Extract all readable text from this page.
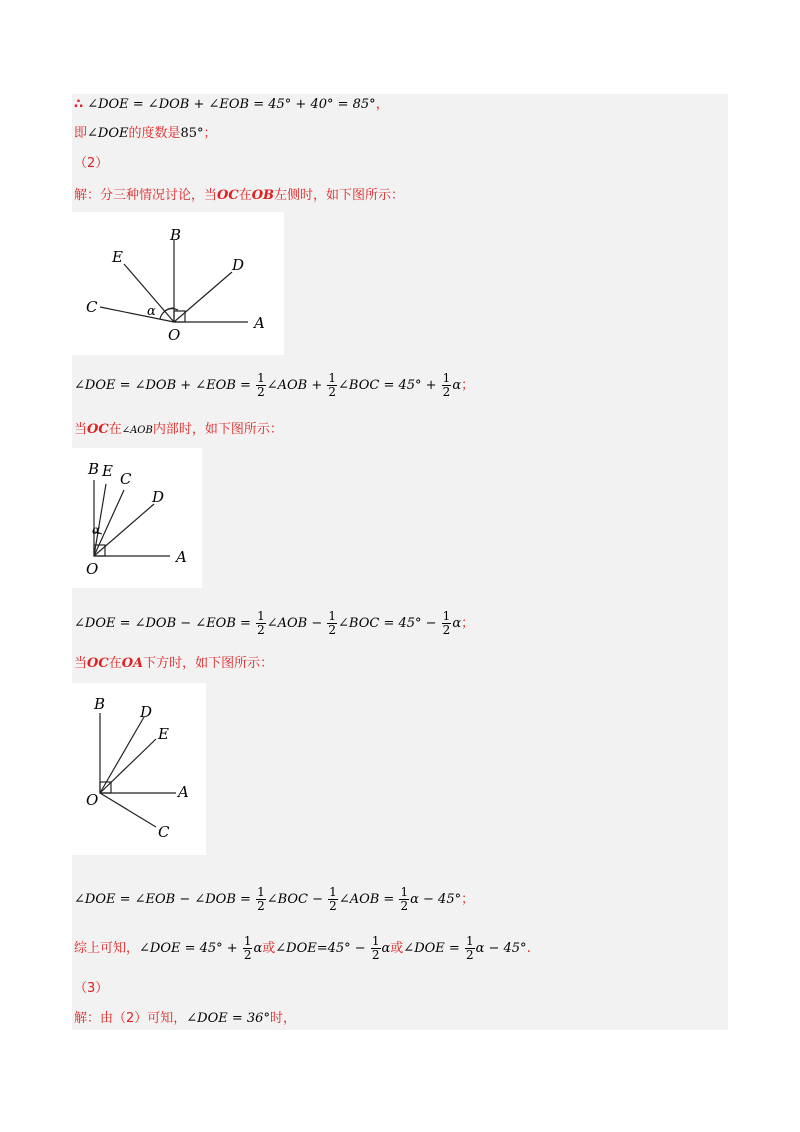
∴ ∠DOE = ∠DOB + ∠EOB = 45° + 40° = 85°，
即∠DOE的度数是85°；
（2）
解：分三种情况讨论，当OC在OB左侧时，如下图所示：
B
E	D
C	α
O
A
∠DOE = ∠DOB + ∠EOB = $\frac{1}{2}$ ∠AOB + $\frac{1}{2}$ ∠BOC = $45^\circ + \frac{1}{2}$ α；
当OC在∠AOB内部时，如下图所示：
B E C
D
α
O
A
∠DOE = ∠DOB − ∠EOB = $\frac{1}{2}$ ∠AOB − $\frac{1}{2}$ ∠BOC = $45^\circ - \frac{1}{2}$ α；
当OC在OA下方时，如下图所示：
B D
E
O	A
C
∠DOE = ∠EOB − ∠DOB = $\frac{1}{2}$ ∠BOC − $\frac{1}{2}$ ∠AOB = $\frac{1}{2}$ α − 45°；
综上可知，∠DOE = $45^\circ + \frac{1}{2}$ α或∠DOE=45° − $\frac{1}{2}$ α或∠DOE = $\frac{1}{2}$ α − 45°.
（3）
解：由（2）可知，∠DOE = 36°时，
